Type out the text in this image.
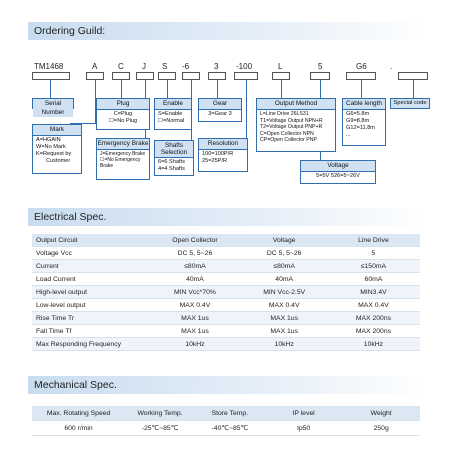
Ordering Guild:
TM1468	A	C J S -6	3 -100	L	5	G6	.
Serial Number
Mark
A=HGAIN
W=No Mark
K=Request by
Customer
Plug
C=Plug
☐=No Plug
Emergency Brake
J=Emergency Brake
☐=No Emergency Brake
Enable
S=Enable
☐=Normal
Shafts Selection
6=6 Shafts
4=4 Shafts
Gear
3=Gear 3
Resolution
100=100P/R
25=25P/R
Output Method
L=Line Drive 26LS31
T1=Voltage Output NPN+R
T2=Voltage Output PNP+R
C=Open Collector NPN
CP=Open Collector PNP
Voltage
5=5V 526=5~26V
Cable length
G6=5.8m
G9=8.8m
G12=11.8m
...
Special code
Electrical Spec.
Output Circuit	Open Collector	Voltage	Line Drive
Voltage Vcc	DC 5, 5~26	DC 5, 5~26	5
Current	≤80mA	≤80mA	≤150mA
Load Current	40mA	40mA	60mA
High-level output	MIN Vcc*70%	MIN Vcc-2.5V	MIN3.4V
Low-level output	MAX 0.4V	MAX 0.4V	MAX 0.4V
Rise Time Tr	MAX 1us	MAX 1us	MAX 200ns
Fall Time Tf	MAX 1us	MAX 1us	MAX 200ns
Max Responding Frequency	10kHz	10kHz	10kHz
Mechanical Spec.
Max. Rotating Speed	Working Temp.	Store Temp.	IP level	Weight
600 r/min	-25℃~85℃	-40℃~85℃	Ip50	250g
